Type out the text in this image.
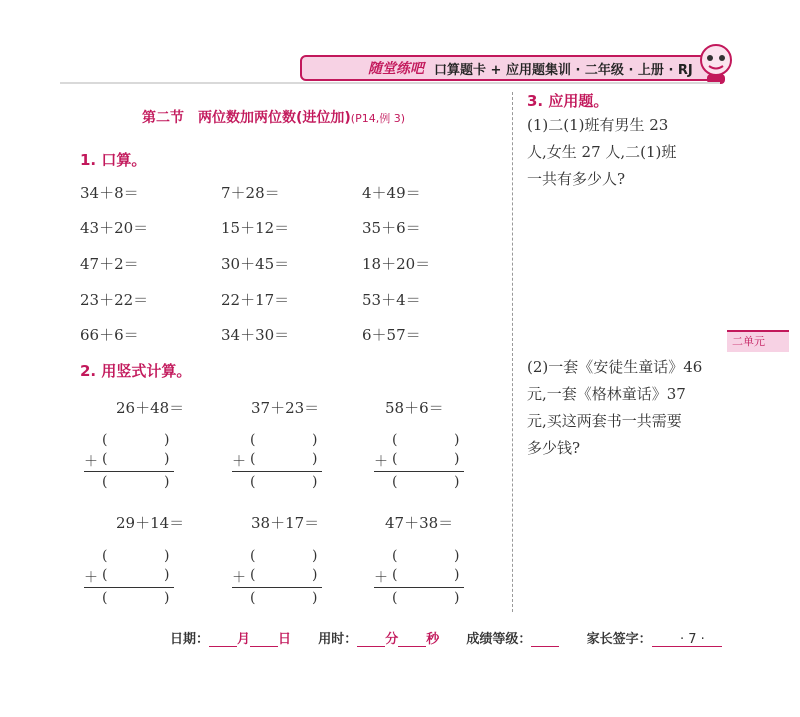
随堂练吧 口算题卡 + 应用题集训 · 二年级 · 上册 · RJ
第二节　两位数加两位数(进位加)(P14,例 3)
1. 口算。
34＋8＝	7＋28＝	4＋49＝
43＋20＝	15＋12＝	35＋6＝
47＋2＝	30＋45＝	18＋20＝
23＋22＝	22＋17＝	53＋4＝
66＋6＝	34＋30＝	6＋57＝
2. 用竖式计算。
26＋48＝	37＋23＝	58＋6＝
29＋14＝	38＋17＝	47＋38＝
(	)
＋ (	)
(	)
(	)
＋ (	)
(	)
(	)
＋ (	)
(	)
(	)
＋ (	)
(	)
(	)
＋ (	)
(	)
(	)
＋ (	)
(	)
3. 应用题。
(1)二(1)班有男生 23
人,女生 27 人,二(1)班
一共有多少人?
(2)一套《安徒生童话》46
元,一套《格林童话》37
元,买这两套书一共需要
多少钱?
二单元
日期： 月 日 用时： 分 秒 成绩等级：	家长签字：	· 7 ·
